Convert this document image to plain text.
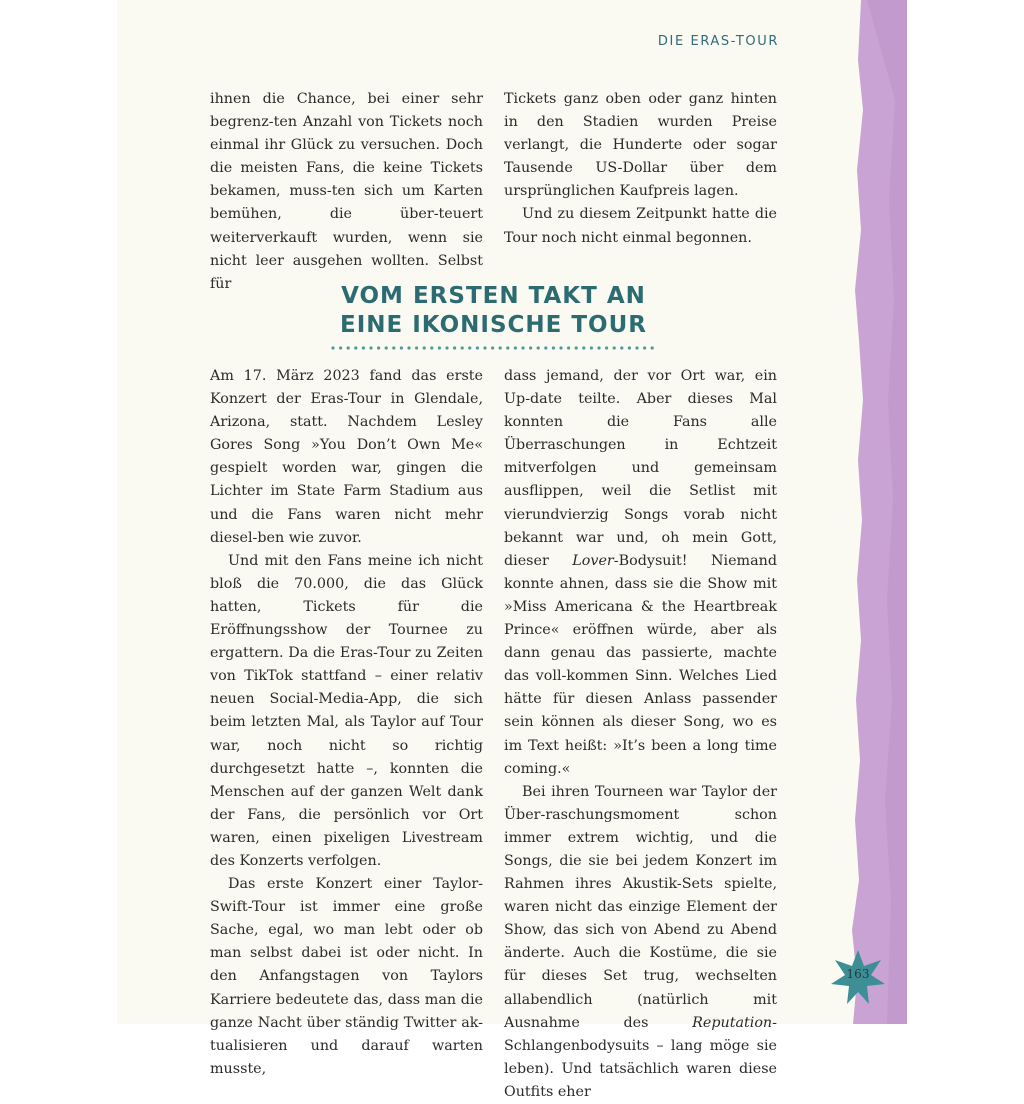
DIE ERAS-TOUR

ihnen die Chance, bei einer sehr begrenz-ten Anzahl von Tickets noch einmal ihr Glück zu versuchen. Doch die meisten Fans, die keine Tickets bekamen, muss-ten sich um Karten bemühen, die über-teuert weiterverkauft wurden, wenn sie nicht leer ausgehen wollten. Selbst für

Tickets ganz oben oder ganz hinten in den Stadien wurden Preise verlangt, die Hunderte oder sogar Tausende US-Dollar über dem ursprünglichen Kaufpreis lagen.

Und zu diesem Zeitpunkt hatte die Tour noch nicht einmal begonnen.

VOM ERSTEN TAKT AN
EINE IKONISCHE TOUR

Am 17. März 2023 fand das erste Konzert der Eras-Tour in Glendale, Arizona, statt. Nachdem Lesley Gores Song »You Don’t Own Me« gespielt worden war, gingen die Lichter im State Farm Stadium aus und die Fans waren nicht mehr diesel-ben wie zuvor.

Und mit den Fans meine ich nicht bloß die 70.000, die das Glück hatten, Tickets für die Eröffnungsshow der Tournee zu ergattern. Da die Eras-Tour zu Zeiten von TikTok stattfand – einer relativ neuen Social-Media-App, die sich beim letzten Mal, als Taylor auf Tour war, noch nicht so richtig durchgesetzt hatte –, konnten die Menschen auf der ganzen Welt dank der Fans, die persönlich vor Ort waren, einen pixeligen Livestream des Konzerts verfolgen.

Das erste Konzert einer Taylor-Swift-Tour ist immer eine große Sache, egal, wo man lebt oder ob man selbst dabei ist oder nicht. In den Anfangstagen von Taylors Karriere bedeutete das, dass man die ganze Nacht über ständig Twitter ak-tualisieren und darauf warten musste,

dass jemand, der vor Ort war, ein Up-date teilte. Aber dieses Mal konnten die Fans alle Überraschungen in Echtzeit mitverfolgen und gemeinsam ausflippen, weil die Setlist mit vierundvierzig Songs vorab nicht bekannt war und, oh mein Gott, dieser Lover-Bodysuit! Niemand konnte ahnen, dass sie die Show mit »Miss Americana & the Heartbreak Prince« eröffnen würde, aber als dann genau das passierte, machte das voll-kommen Sinn. Welches Lied hätte für diesen Anlass passender sein können als dieser Song, wo es im Text heißt: »It’s been a long time coming.«

Bei ihren Tourneen war Taylor der Über-raschungsmoment schon immer extrem wichtig, und die Songs, die sie bei jedem Konzert im Rahmen ihres Akustik-Sets spielte, waren nicht das einzige Element der Show, das sich von Abend zu Abend änderte. Auch die Kostüme, die sie für dieses Set trug, wechselten allabendlich (natürlich mit Ausnahme des Reputation-Schlangenbodysuits – lang möge sie leben). Und tatsächlich waren diese Outfits eher

163
